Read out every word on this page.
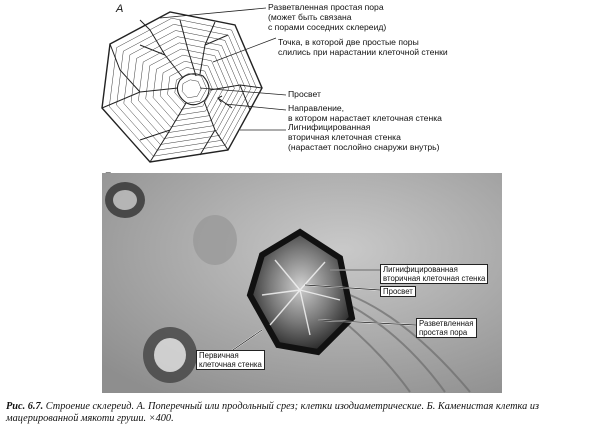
А	Разветвленная простая пора
(может быть связана
с порами соседних склереид)
Точка, в которой две простые поры
слились при нарастании клеточной стенки
Просвет
Направление,
в котором нарастает клеточная стенка
Лигнифицированная
вторичная клеточная стенка
(нарастает послойно снаружи внутрь)
Лигнифицированная
вторичная клеточная стенка
Просвет
Разветвленная
простая пора
Первичная
клеточная стенка
Рис. 6.7. Строение склереид. А. Поперечный или продольный срез; клетки изодиаметрические. Б. Каменистая клетка из мацерированной мякоти груши. ×400.
